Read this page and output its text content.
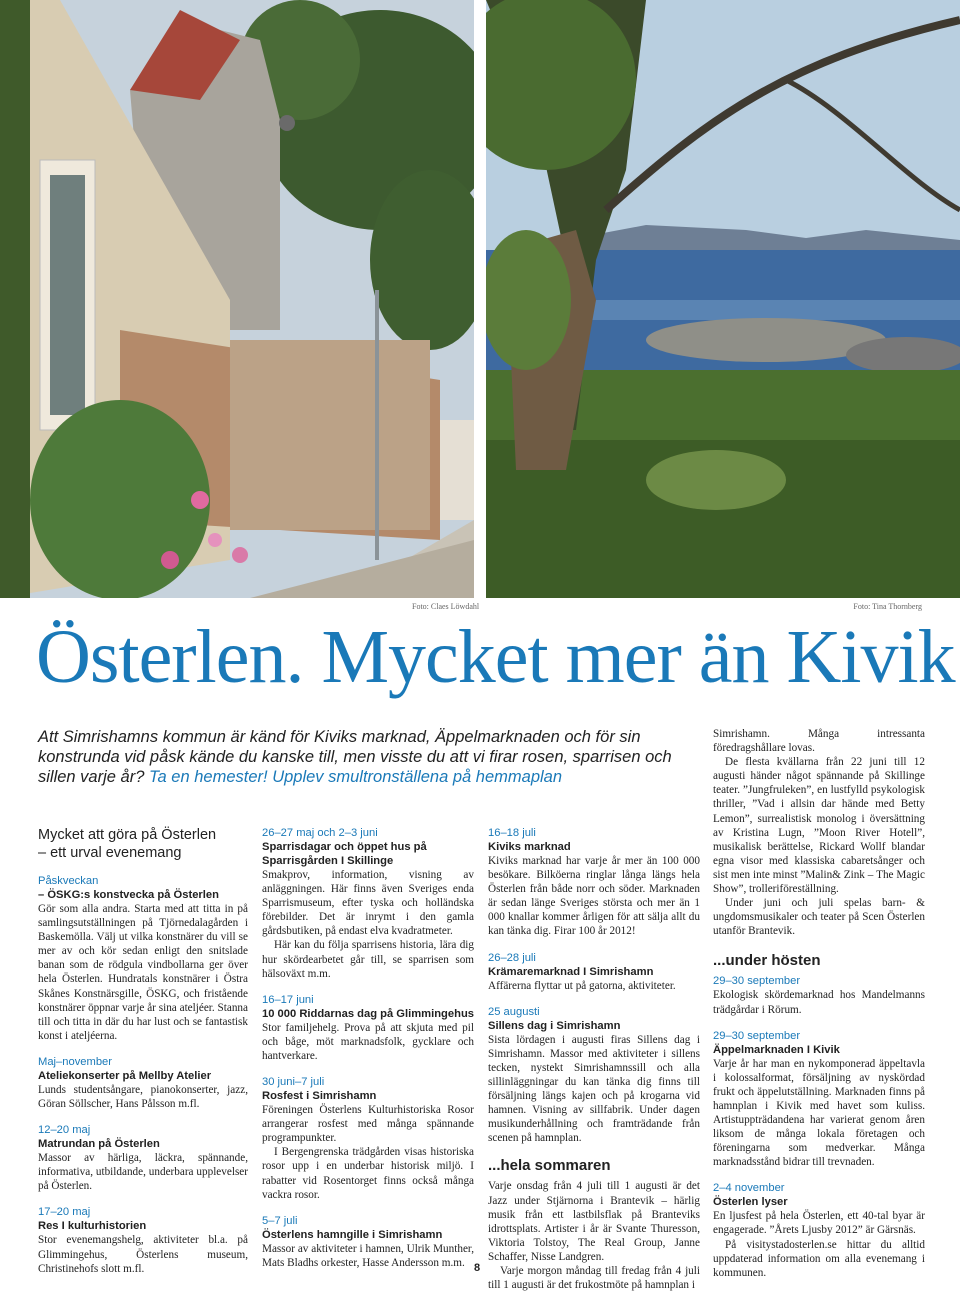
Foto: Claes Löwdahl	Foto: Tina Thornberg
Österlen. Mycket mer än Kivik
Att Simrishamns kommun är känd för Kiviks marknad, Äppelmarknaden och för sin konstrunda vid påsk kände du kanske till, men visste du att vi firar rosen, sparrisen och sillen varje år? Ta en hemester! Upplev smultronställena på hemmaplan
Mycket att göra på Österlen
– ett urval evenemang
Påskveckan
– ÖSKG:s konstvecka på Österlen

Gör som alla andra. Starta med att titta in på samlingsutställningen på Tjörnedalagården i Baskemölla. Välj ut vilka konstnärer du vill se mer av och kör sedan enligt den snitslade banan som de rödgula vindbollarna ger över hela Österlen. Hundratals konstnärer i Östra Skånes Konstnärsgille, ÖSKG, och fristående konstnärer öppnar varje år sina ateljéer. Stanna till och titta in där du har lust och se fantastisk konst i ateljéerna.

Maj–november
Ateliekonserter på Mellby Atelier

Lunds studentsångare, pianokonserter, jazz, Göran Söllscher, Hans Pålsson m.fl.

12–20 maj
Matrundan på Österlen

Massor av härliga, läckra, spännande, informativa, utbildande, underbara upplevelser på Österlen.

17–20 maj
Res I kulturhistorien

Stor evenemangshelg, aktiviteter bl.a. på Glimmingehus, Österlens museum, Christinehofs slott m.fl.

26–27 maj och 2–3 juni
Sparrisdagar och öppet hus på Sparrisgården I Skillinge

Smakprov, information, visning av anläggningen. Här finns även Sveriges enda Sparrismuseum, efter tyska och holländska förebilder. Det är inrymt i den gamla gårdsbutiken, på endast elva kvadratmeter.

Här kan du följa sparrisens historia, lära dig hur skördearbetet går till, se sparrisen som hälsoväxt m.m.

16–17 juni
10 000 Riddarnas dag på Glimmingehus

Stor familjehelg. Prova på att skjuta med pil och båge, möt marknadsfolk, gycklare och hantverkare.

30 juni–7 juli
Rosfest i Simrishamn

Föreningen Österlens Kulturhistoriska Rosor arrangerar rosfest med många spännande programpunkter.

I Bergengrenska trädgården visas historiska rosor upp i en underbar historisk miljö. I rabatter vid Rosentorget finns också många vackra rosor.

5–7 juli
Österlens hamngille i Simrishamn

Massor av aktiviteter i hamnen, Ulrik Munther, Mats Bladhs orkester, Hasse Andersson m.m.

16–18 juli
Kiviks marknad

Kiviks marknad har varje år mer än 100 000 besökare. Bilköerna ringlar långa längs hela Österlen från både norr och söder. Marknaden är sedan länge Sveriges största och mer än 1 000 knallar kommer årligen för att sälja allt du kan tänka dig. Firar 100 år 2012!

26–28 juli
Krämaremarknad I Simrishamn

Affärerna flyttar ut på gatorna, aktiviteter.

25 augusti
Sillens dag i Simrishamn

Sista lördagen i augusti firas Sillens dag i Simrishamn. Massor med aktiviteter i sillens tecken, nystekt Simrishamnssill och alla sillinläggningar du kan tänka dig finns till försäljning längs kajen och på krogarna vid hamnen. Visning av sillfabrik. Under dagen musikunderhållning och framträdande från scenen på hamnplan.

...hela sommaren

Varje onsdag från 4 juli till 1 augusti är det Jazz under Stjärnorna i Brantevik – härlig musik från ett lastbilsflak på Branteviks idrottsplats. Artister i år är Svante Thuresson, Viktoria Tolstoy, The Real Group, Janne Schaffer, Nisse Landgren.

Varje morgon måndag till fredag från 4 juli till 1 augusti är det frukostmöte på hamnplan i

Simrishamn. Många intressanta föredragshållare lovas.

De flesta kvällarna från 22 juni till 12 augusti händer något spännande på Skillinge teater. ”Jungfruleken”, en lustfylld psykologisk thriller, ”Vad i allsin dar hände med Betty Lemon”, surrealistisk monolog i översättning av Kristina Lugn, ”Moon River Hotell”, musikalisk berättelse, Rickard Wollf blandar egna visor med klassiska cabaretsånger och sist men inte minst ”Malin& Zink – The Magic Show”, trolleriföreställning.

Under juni och juli spelas barn- & ungdomsmusikaler och teater på Scen Österlen utanför Brantevik.

...under hösten
29–30 september

Ekologisk skördemarknad hos Mandelmanns trädgårdar i Rörum.

29–30 september
Äppelmarknaden I Kivik

Varje år har man en nykomponerad äppeltavla i kolossalformat, försäljning av nyskördad frukt och äppelutställning. Marknaden finns på hamnplan i Kivik med havet som kuliss. Artistuppträdandena har varierat genom åren liksom de många lokala företagen och föreningarna som medverkar. Många marknadsstånd bidrar till trevnaden.

2–4 november
Österlen lyser

En ljusfest på hela Österlen, ett 40-tal byar är engagerade. ”Årets Ljusby 2012” är Gärsnäs.

På visitystadosterlen.se hittar du alltid uppdaterad information om alla evenemang i kommunen.

8
